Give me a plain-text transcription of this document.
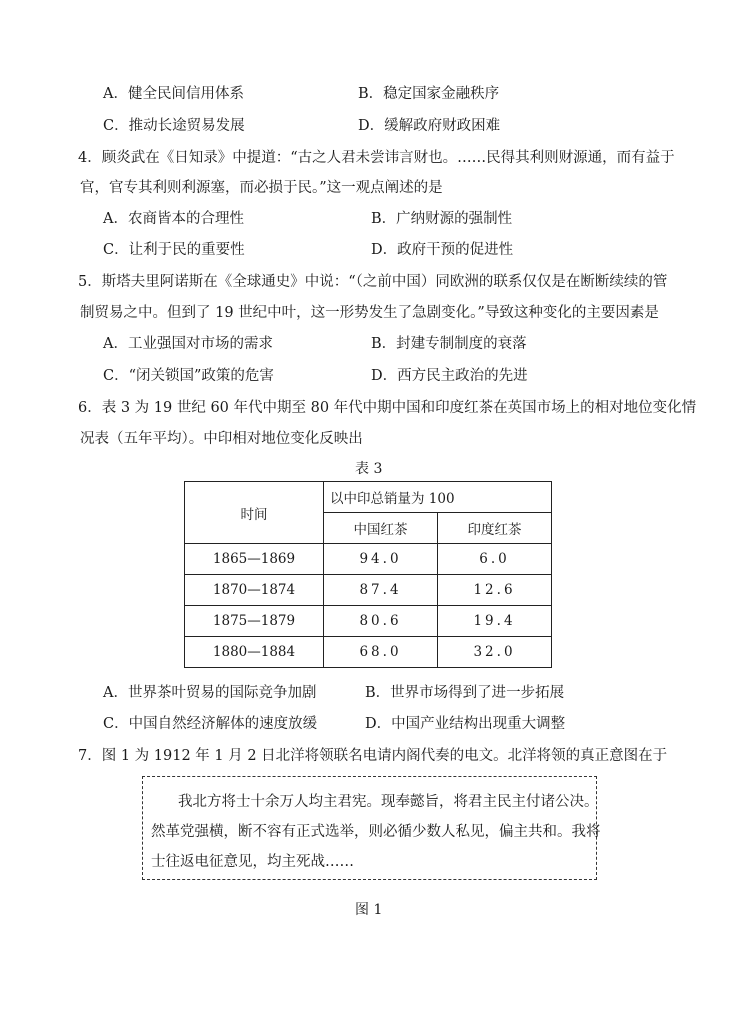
A．健全民间信用体系	B．稳定国家金融秩序
C．推动长途贸易发展	D．缓解政府财政困难
4．顾炎武在《日知录》中提道：“古之人君未尝讳言财也。……民得其利则财源通，而有益于
官，官专其利则利源塞，而必损于民。”这一观点阐述的是
A．农商皆本的合理性	B．广纳财源的强制性
C．让利于民的重要性	D．政府干预的促进性
5．斯塔夫里阿诺斯在《全球通史》中说：“（之前中国）同欧洲的联系仅仅是在断断续续的管
制贸易之中。但到了 19 世纪中叶，这一形势发生了急剧变化。”导致这种变化的主要因素是
A．工业强国对市场的需求	B．封建专制制度的衰落
C．“闭关锁国”政策的危害	D．西方民主政治的先进
6．表 3 为 19 世纪 60 年代中期至 80 年代中期中国和印度红茶在英国市场上的相对地位变化情
况表（五年平均）。中印相对地位变化反映出
表 3
时间	以中印总销量为 100	
	中国红茶	印度红茶
1865—1869	94.0	6.0
1870—1874	87.4	12.6
1875—1879	80.6	19.4
1880—1884	68.0	32.0
A．世界茶叶贸易的国际竞争加剧	B．世界市场得到了进一步拓展
C．中国自然经济解体的速度放缓	D．中国产业结构出现重大调整
7．图 1 为 1912 年 1 月 2 日北洋将领联名电请内阁代奏的电文。北洋将领的真正意图在于
我北方将士十余万人均主君宪。现奉懿旨，将君主民主付诸公决。
然革党强横，断不容有正式选举，则必循少数人私见，偏主共和。我将
士往返电征意见，均主死战……
图 1
